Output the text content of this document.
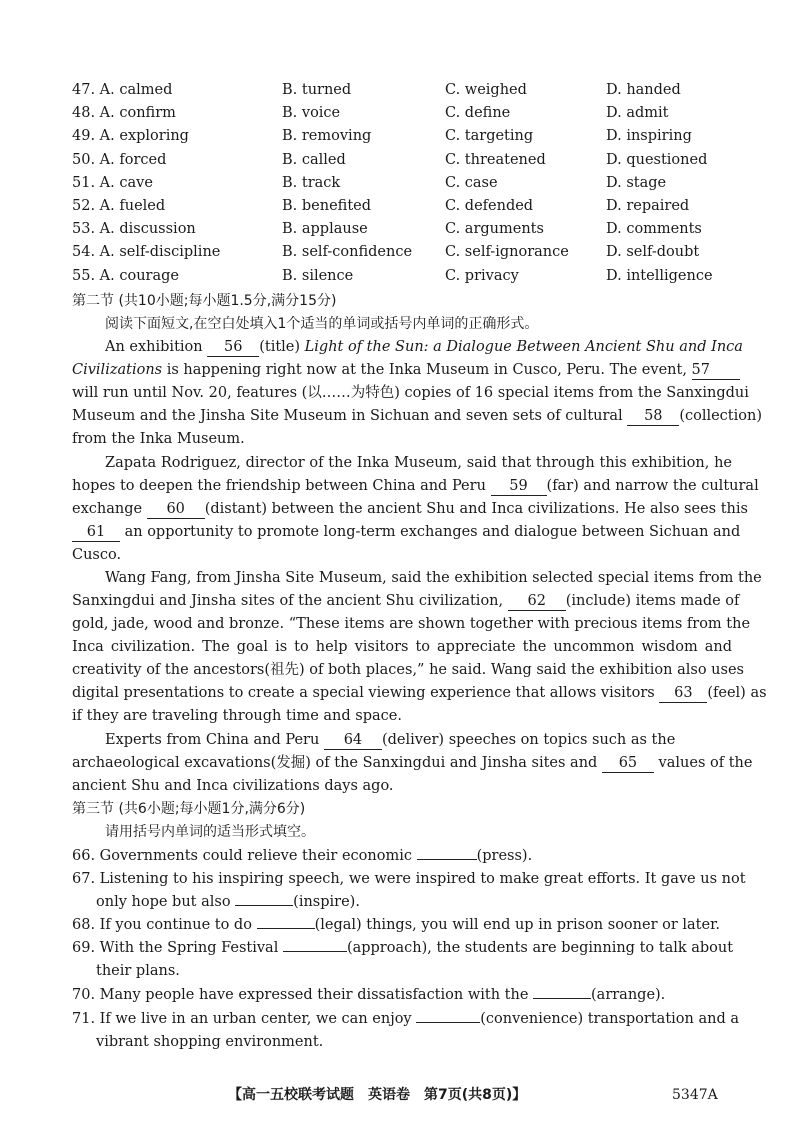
47. A. calmed	B. turned	C. weighed	D. handed
48. A. confirm	B. voice	C. define	D. admit
49. A. exploring	B. removing	C. targeting	D. inspiring
50. A. forced	B. called	C. threatened	D. questioned
51. A. cave	B. track	C. case	D. stage
52. A. fueled	B. benefited	C. defended	D. repaired
53. A. discussion	B. applause	C. arguments	D. comments
54. A. self-discipline	B. self-confidence C. self-ignorance	D. self-doubt
55. A. courage	B. silence	C. privacy	D. intelligence
第二节 (共10小题;每小题1.5分,满分15分)
阅读下面短文,在空白处填入1个适当的单词或括号内单词的正确形式。
An exhibition 56 (title) Light of the Sun: a Dialogue Between Ancient Shu and Inca
Civilizations is happening right now at the Inka Museum in Cusco, Peru. The event, 57
will run until Nov. 20, features (以……为特色) copies of 16 special items from the Sanxingdui
Museum and the Jinsha Site Museum in Sichuan and seven sets of cultural 58 (collection)
from the Inka Museum.
Zapata Rodriguez, director of the Inka Museum, said that through this exhibition, he
hopes to deepen the friendship between China and Peru 59 (far) and narrow the cultural
exchange 60 (distant) between the ancient Shu and Inca civilizations. He also sees this
61 an opportunity to promote long-term exchanges and dialogue between Sichuan and
Cusco.
Wang Fang, from Jinsha Site Museum, said the exhibition selected special items from the
Sanxingdui and Jinsha sites of the ancient Shu civilization, 62 (include) items made of
gold, jade, wood and bronze. “These items are shown together with precious items from the
Inca civilization. The goal is to help visitors to appreciate the uncommon wisdom and
creativity of the ancestors(祖先) of both places,” he said. Wang said the exhibition also uses
digital presentations to create a special viewing experience that allows visitors 63 (feel) as
if they are traveling through time and space.
Experts from China and Peru 64 (deliver) speeches on topics such as the
archaeological excavations(发掘) of the Sanxingdui and Jinsha sites and 65 values of the
ancient Shu and Inca civilizations days ago.
第三节 (共6小题;每小题1分,满分6分)
请用括号内单词的适当形式填空。
66. Governments could relieve their economic	(press).
67. Listening to his inspiring speech, we were inspired to make great efforts. It gave us not
only hope but also	(inspire).
68. If you continue to do	(legal) things, you will end up in prison sooner or later.
69. With the Spring Festival	(approach), the students are beginning to talk about
their plans.
70. Many people have expressed their dissatisfaction with the	(arrange).
71. If we live in an urban center, we can enjoy	(convenience) transportation and a
vibrant shopping environment.
【高一五校联考试题　英语卷　第7页(共8页)】	5347A
